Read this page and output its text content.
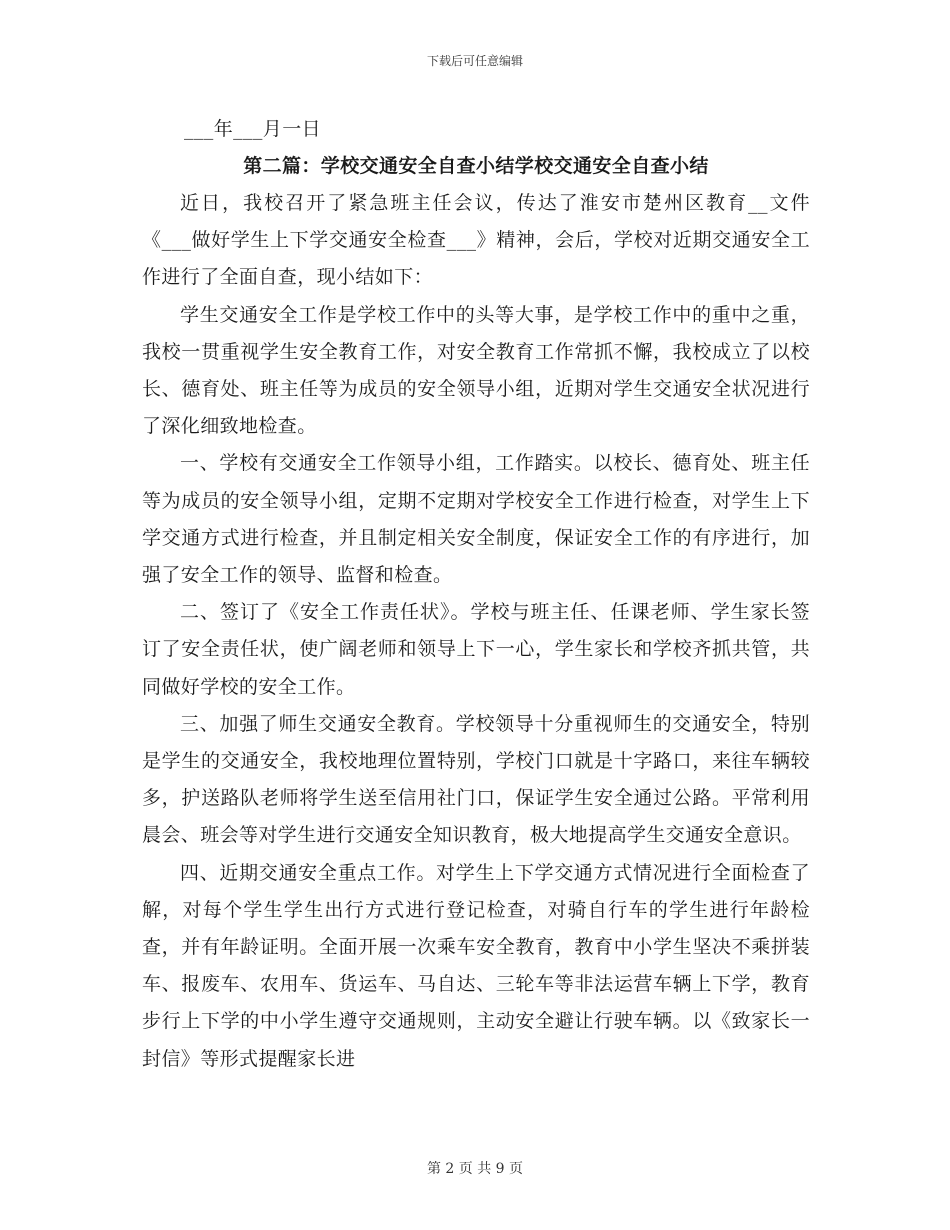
下载后可任意编辑
___年___月一日
第二篇：学校交通安全自查小结学校交通安全自查小结

近日，我校召开了紧急班主任会议，传达了淮安市楚州区教育__文件《___做好学生上下学交通安全检查___》精神，会后，学校对近期交通安全工作进行了全面自查，现小结如下：

学生交通安全工作是学校工作中的头等大事，是学校工作中的重中之重，我校一贯重视学生安全教育工作，对安全教育工作常抓不懈，我校成立了以校长、德育处、班主任等为成员的安全领导小组，近期对学生交通安全状况进行了深化细致地检查。

一、学校有交通安全工作领导小组，工作踏实。以校长、德育处、班主任等为成员的安全领导小组，定期不定期对学校安全工作进行检查，对学生上下学交通方式进行检查，并且制定相关安全制度，保证安全工作的有序进行，加强了安全工作的领导、监督和检查。

二、签订了《安全工作责任状》。学校与班主任、任课老师、学生家长签订了安全责任状，使广阔老师和领导上下一心，学生家长和学校齐抓共管，共同做好学校的安全工作。

三、加强了师生交通安全教育。学校领导十分重视师生的交通安全，特别是学生的交通安全，我校地理位置特别，学校门口就是十字路口，来往车辆较多，护送路队老师将学生送至信用社门口，保证学生安全通过公路。平常利用晨会、班会等对学生进行交通安全知识教育，极大地提高学生交通安全意识。

四、近期交通安全重点工作。对学生上下学交通方式情况进行全面检查了解，对每个学生学生出行方式进行登记检查，对骑自行车的学生进行年龄检查，并有年龄证明。全面开展一次乘车安全教育，教育中小学生坚决不乘拼装车、报废车、农用车、货运车、马自达、三轮车等非法运营车辆上下学，教育步行上下学的中小学生遵守交通规则，主动安全避让行驶车辆。以《致家长一封信》等形式提醒家长进

第 2 页 共 9 页
